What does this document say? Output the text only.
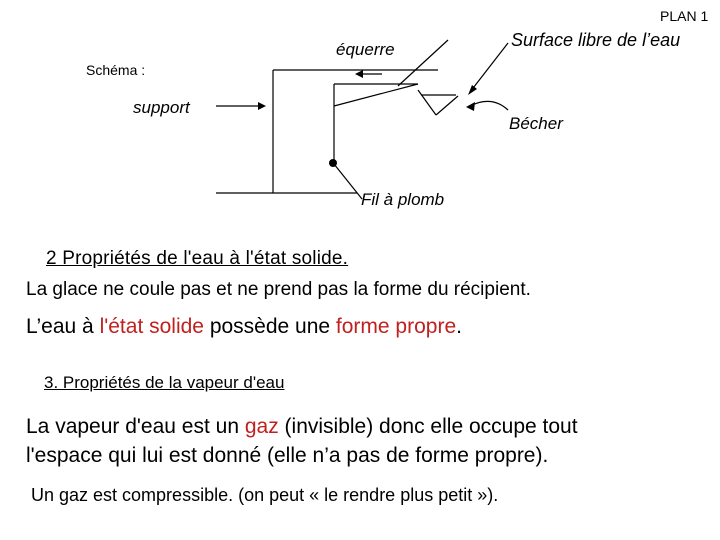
PLAN 1
Schéma :
équerre	Surface libre de l’eau
support
Bécher
Fil à plomb
2 Propriétés de l'eau à l'état solide.
La glace ne coule pas et ne prend pas la forme du récipient.
L’eau à l'état solide possède une forme propre.
3. Propriétés de la vapeur d'eau
La vapeur d'eau est un gaz (invisible) donc elle occupe tout
l'espace qui lui est donné (elle n’a pas de forme propre).
Un gaz est compressible. (on peut « le rendre plus petit »).
